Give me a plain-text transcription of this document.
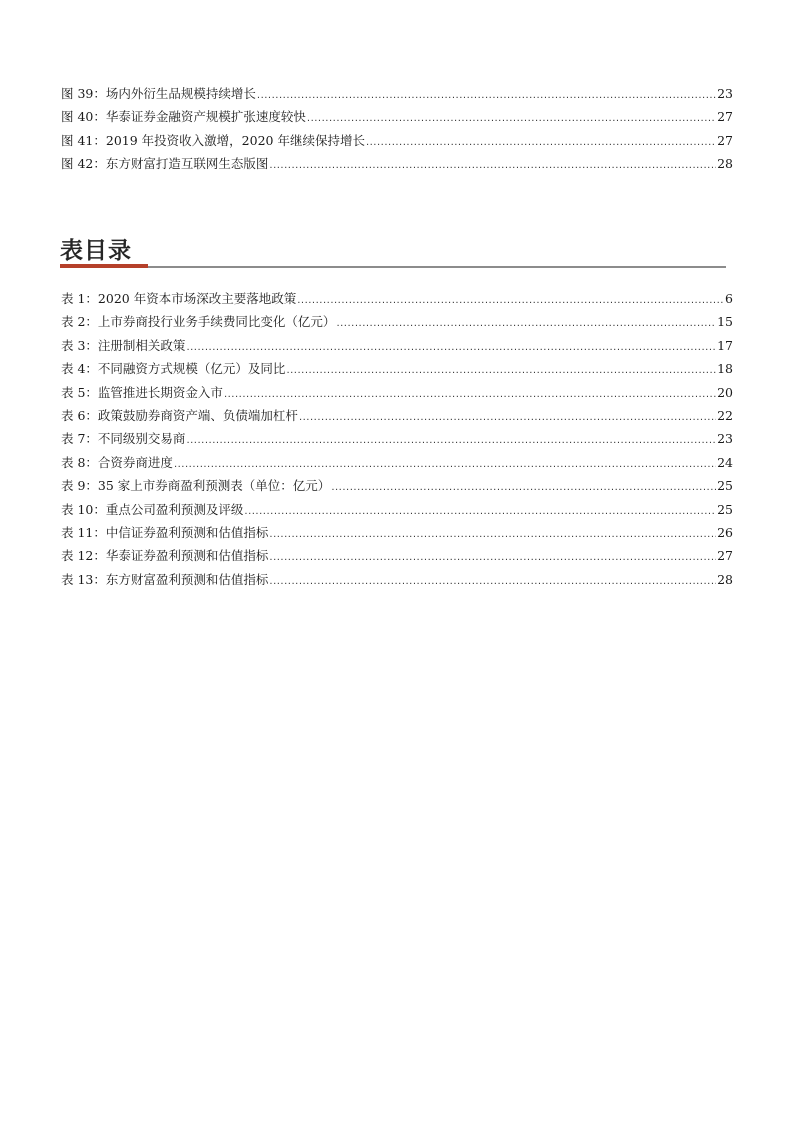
图 39：场内外衍生品规模持续增长 .....	23
图 40：华泰证券金融资产规模扩张速度较快 .....	27
图 41：2019 年投资收入激增，2020 年继续保持增长 .....	27
图 42：东方财富打造互联网生态版图 .....	28
表目录
表 1：2020 年资本市场深改主要落地政策 .....	6
表 2：上市券商投行业务手续费同比变化（亿元） .....	15
表 3：注册制相关政策 .....	17
表 4：不同融资方式规模（亿元）及同比 .....	18
表 5：监管推进长期资金入市 .....	20
表 6：政策鼓励券商资产端、负债端加杠杆 .....	22
表 7：不同级别交易商 .....	23
表 8：合资券商进度 .....	24
表 9：35 家上市券商盈利预测表（单位：亿元） .....	25
表 10：重点公司盈利预测及评级 .....	25
表 11：中信证券盈利预测和估值指标 .....	26
表 12：华泰证券盈利预测和估值指标 .....	27
表 13：东方财富盈利预测和估值指标 .....	28
